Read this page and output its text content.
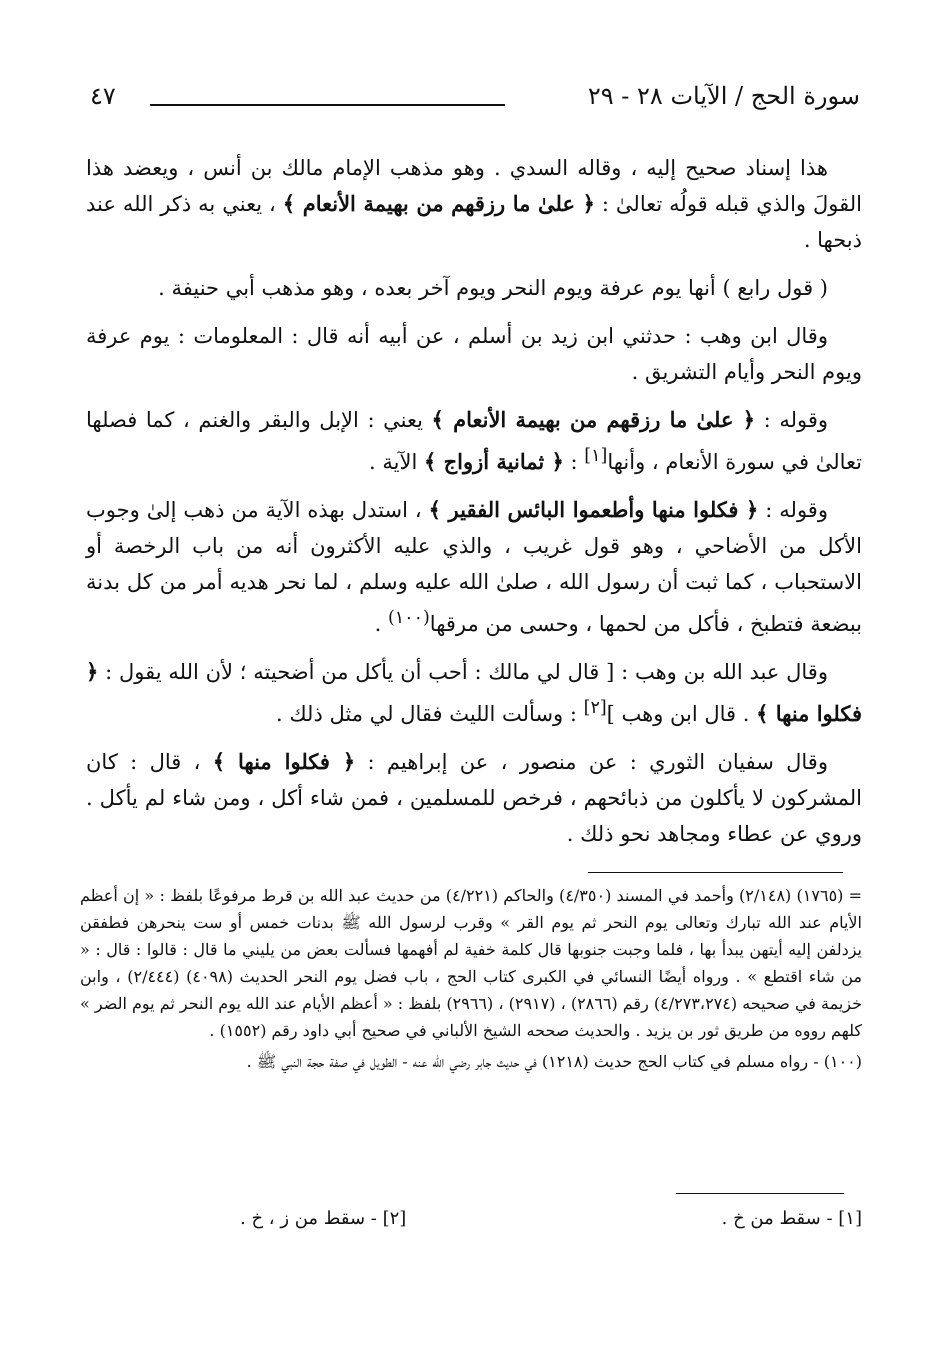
سورة الحج / الآيات ٢٨ - ٢٩
٤٧

هذا إسناد صحيح إليه ، وقاله السدي . وهو مذهب الإمام مالك بن أنس ، ويعضد هذا القولَ والذي قبله قولُه تعالىٰ : ﴿ علىٰ ما رزقهم من بهيمة الأنعام ﴾ ، يعني به ذكر الله عند ذبحها .

( قول رابع ) أنها يوم عرفة ويوم النحر ويوم آخر بعده ، وهو مذهب أبي حنيفة .

وقال ابن وهب : حدثني ابن زيد بن أسلم ، عن أبيه أنه قال : المعلومات : يوم عرفة ويوم النحر وأيام التشريق .

وقوله : ﴿ علىٰ ما رزقهم من بهيمة الأنعام ﴾ يعني : الإبل والبقر والغنم ، كما فصلها تعالىٰ في سورة الأنعام ، وأنها[١] : ﴿ ثمانية أزواج ﴾ الآية .

وقوله : ﴿ فكلوا منها وأطعموا البائس الفقير ﴾ ، استدل بهذه الآية من ذهب إلىٰ وجوب الأكل من الأضاحي ، وهو قول غريب ، والذي عليه الأكثرون أنه من باب الرخصة أو الاستحباب ، كما ثبت أن رسول الله ، صلىٰ الله عليه وسلم ، لما نحر هديه أمر من كل بدنة ببضعة فتطبخ ، فأكل من لحمها ، وحسى من مرقها$^{(١٠٠)}$ .

وقال عبد الله بن وهب : [ قال لي مالك : أحب أن يأكل من أضحيته ؛ لأن الله يقول : ﴿ فكلوا منها ﴾ . قال ابن وهب ][٢] : وسألت الليث فقال لي مثل ذلك .

وقال سفيان الثوري : عن منصور ، عن إبراهيم : ﴿ فكلوا منها ﴾ ، قال : كان المشركون لا يأكلون من ذبائحهم ، فرخص للمسلمين ، فمن شاء أكل ، ومن شاء لم يأكل . وروي عن عطاء ومجاهد نحو ذلك .

= (١٧٦٥) (٢/١٤٨) وأحمد في المسند (٤/٣٥٠) والحاكم (٤/٢٢١) من حديث عبد الله بن قرط مرفوعًا بلفظ : « إن أعظم الأيام عند الله تبارك وتعالى يوم النحر ثم يوم القر » وقرب لرسول الله ﷺ بدنات خمس أو ست ينحرهن فطفقن يزدلفن إليه أيتهن يبدأ بها ، فلما وجبت جنوبها قال كلمة خفية لم أفهمها فسألت بعض من يليني ما قال : قالوا : قال : « من شاء اقتطع » . ورواه أيضًا النسائي في الكبرى كتاب الحج ، باب فضل يوم النحر الحديث (٤٠٩٨) (٢/٤٤٤) ، وابن خزيمة في صحيحه (٤/٢٧٣،٢٧٤) رقم (٢٨٦٦) ، (٢٩١٧) ، (٢٩٦٦) بلفظ : « أعظم الأيام عند الله يوم النحر ثم يوم الضر » كلهم رووه من طريق ثور بن يزيد . والحديث صححه الشيخ الألباني في صحيح أبي داود رقم (١٥٥٢) .

(١٠٠) - رواه مسلم في كتاب الحج حديث (١٢١٨) في حديث جابر رضي الله عنه - الطويل في صفة حجة النبي ﷺ .

[١] - سقط من خ .
[٢] - سقط من ز ، خ .
